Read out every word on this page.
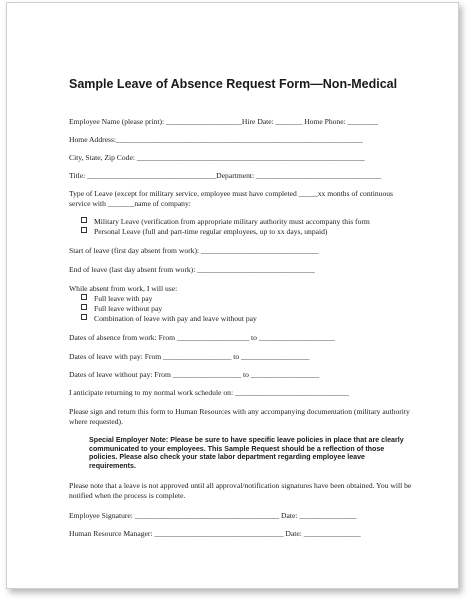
Sample Leave of Absence Request Form—Non-Medical
Employee Name (please print): ____________________Hire Date: _______ Home Phone: ________
Home Address:_________________________________________________________________
City, State, Zip Code: ____________________________________________________________
Title: __________________________________Department: _________________________________
Type of Leave (except for military service, employee must have completed _____xx months of continuous service with _______name of company:
Military Leave (verification from appropriate military authority must accompany this form
Personal Leave (full and part-time regular employees, up to xx days, unpaid)
Start of leave (first day absent from work): _______________________________
End of leave (last day absent from work): _______________________________
While absent from work, I will use:
Full leave with pay
Full leave without pay
Combination of leave with pay and leave without pay
Dates of absence from work: From ___________________ to ____________________
Dates of leave with pay: From __________________ to __________________
Dates of leave without pay: From __________________ to __________________
I anticipate returning to my normal work schedule on: ______________________________
Please sign and return this form to Human Resources with any accompanying documentation (military authority where requested).
Special Employer Note: Please be sure to have specific leave policies in place that are clearly communicated to your employees. This Sample Request should be a reflection of those policies. Please also check your state labor department regarding employee leave requirements.
Please note that a leave is not approved until all approval/notification signatures have been obtained. You will be notified when the process is complete.
Employee Signature: ______________________________________ Date: _______________
Human Resource Manager: __________________________________ Date: _______________
